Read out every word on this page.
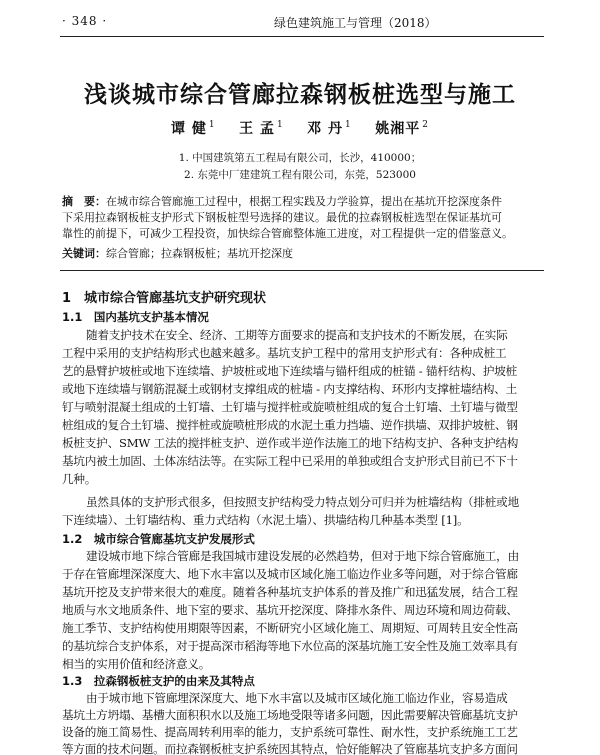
· 348 ·	绿色建筑施工与管理（2018）
浅谈城市综合管廊拉森钢板桩选型与施工
谭 健 $^1$ 王 孟 $^1$ 邓 丹 $^1$ 姚湘平 $^2$
1. 中国建筑第五工程局有限公司，长沙，410000；
2. 东莞中厂建建筑工程有限公司，东莞，523000
摘　要：在城市综合管廊施工过程中，根据工程实践及力学验算，提出在基坑开挖深度条件
下采用拉森钢板桩支护形式下钢板桩型号选择的建议。最优的拉森钢板桩选型在保证基坑可
靠性的前提下，可减少工程投资，加快综合管廊整体施工进度，对工程提供一定的借鉴意义。
关键词：综合管廊；拉森钢板桩；基坑开挖深度
1　城市综合管廊基坑支护研究现状
1.1　国内基坑支护基本情况
随着支护技术在安全、经济、工期等方面要求的提高和支护技术的不断发展，在实际
工程中采用的支护结构形式也越来越多。基坑支护工程中的常用支护形式有：各种成桩工
艺的悬臂护坡桩或地下连续墙、护坡桩或地下连续墙与锚杆组成的桩锚 - 锚杆结构、护坡桩
或地下连续墙与钢筋混凝土或钢材支撑组成的桩墙 - 内支撑结构、环形内支撑桩墙结构、土
钉与喷射混凝土组成的土钉墙、土钉墙与搅拌桩或旋喷桩组成的复合土钉墙、土钉墙与微型
桩组成的复合土钉墙、搅拌桩或旋喷桩形成的水泥土重力挡墙、逆作拱墙、双排护坡桩、钢
板桩支护、SMW 工法的搅拌桩支护、逆作或半逆作法施工的地下结构支护、各种支护结构
基坑内被土加固、土体冻结法等。在实际工程中已采用的单独或组合支护形式目前已不下十
几种。
虽然具体的支护形式很多，但按照支护结构受力特点划分可归并为桩墙结构（排桩或地
下连续墙）、土钉墙结构、重力式结构（水泥土墙）、拱墙结构几种基本类型 [1]。
1.2　城市综合管廊基坑支护发展形式
建设城市地下综合管廊是我国城市建设发展的必然趋势，但对于地下综合管廊施工，由
于存在管廊埋深深度大、地下水丰富以及城市区域化施工临边作业多等问题，对于综合管廊
基坑开挖及支护带来很大的难度。随着各种基坑支护体系的普及推广和迅猛发展，结合工程
地质与水文地质条件、地下室的要求、基坑开挖深度、降排水条件、周边环境和周边荷载、
施工季节、支护结构使用期限等因素，不断研究小区域化施工、周期短、可周转且安全性高
的基坑综合支护体系，对于提高深市稻海等地下水位高的深基坑施工安全性及施工效率具有
相当的实用价值和经济意义。
1.3　拉森钢板桩支护的由来及其特点
由于城市地下管廊埋深深度大、地下水丰富以及城市区域化施工临边作业，容易造成
基坑土方坍塌、基槽大面积积水以及施工场地受限等诸多问题，因此需要解决管廊基坑支护
设备的施工简易性、提高周转利用率的能力，支护系统可靠性、耐水性，支护系统施工工艺
等方面的技术问题。而拉森钢板桩支护系统因其特点，恰好能解决了管廊基坑支护多方面问
